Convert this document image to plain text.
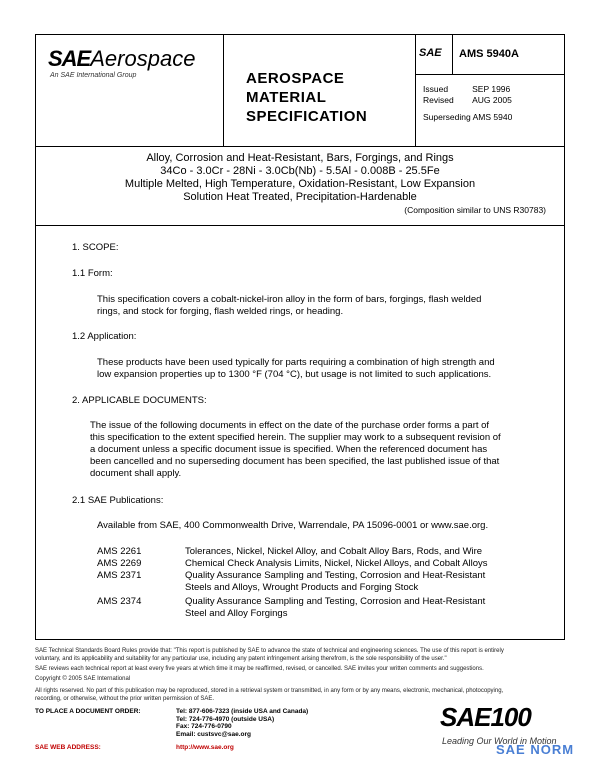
SAEAerospace
An SAE International Group	AEROSPACE
MATERIAL
SPECIFICATION
SAE AMS 5940A
Issued	SEP 1996
Revised	AUG 2005
Superseding AMS 5940	
Alloy, Corrosion and Heat-Resistant, Bars, Forgings, and Rings
34Co - 3.0Cr - 28Ni - 3.0Cb(Nb) - 5.5Al - 0.008B - 25.5Fe
Multiple Melted, High Temperature, Oxidation-Resistant, Low Expansion
Solution Heat Treated, Precipitation-Hardenable
(Composition similar to UNS R30783)
1. SCOPE:
1.1 Form:
This specification covers a cobalt-nickel-iron alloy in the form of bars, forgings, flash welded
rings, and stock for forging, flash welded rings, or heading.
1.2 Application:
These products have been used typically for parts requiring a combination of high strength and
low expansion properties up to 1300 °F (704 °C), but usage is not limited to such applications.
2. APPLICABLE DOCUMENTS:
The issue of the following documents in effect on the date of the purchase order forms a part of
this specification to the extent specified herein. The supplier may work to a subsequent revision of
a document unless a specific document issue is specified. When the referenced document has
been cancelled and no superseding document has been specified, the last published issue of that
document shall apply.
2.1 SAE Publications:
Available from SAE, 400 Commonwealth Drive, Warrendale, PA 15096-0001 or www.sae.org.
AMS 2261	Tolerances, Nickel, Nickel Alloy, and Cobalt Alloy Bars, Rods, and Wire
AMS 2269	Chemical Check Analysis Limits, Nickel, Nickel Alloys, and Cobalt Alloys
AMS 2371	Quality Assurance Sampling and Testing, Corrosion and Heat-Resistant
Steels and Alloys, Wrought Products and Forging Stock
AMS 2374	Quality Assurance Sampling and Testing, Corrosion and Heat-Resistant
Steel and Alloy Forgings
SAE Technical Standards Board Rules provide that: "This report is published by SAE to advance the state of technical and engineering sciences. The use of this report is entirely
voluntary, and its applicability and suitability for any particular use, including any patent infringement arising therefrom, is the sole responsibility of the user."
SAE reviews each technical report at least every five years at which time it may be reaffirmed, revised, or cancelled. SAE invites your written comments and suggestions.
Copyright © 2005 SAE International
All rights reserved. No part of this publication may be reproduced, stored in a retrieval system or transmitted, in any form or by any means, electronic, mechanical, photocopying,
recording, or otherwise, without the prior written permission of SAE.
TO PLACE A DOCUMENT ORDER:	Tel: 877-606-7323 (inside USA and Canada)
Tel: 724-776-4970 (outside USA)
Fax: 724-776-0790
Email: custsvc@sae.org
SAE WEB ADDRESS:	http://www.sae.org
SAE100
Leading Our World in Motion
SAE NORM
